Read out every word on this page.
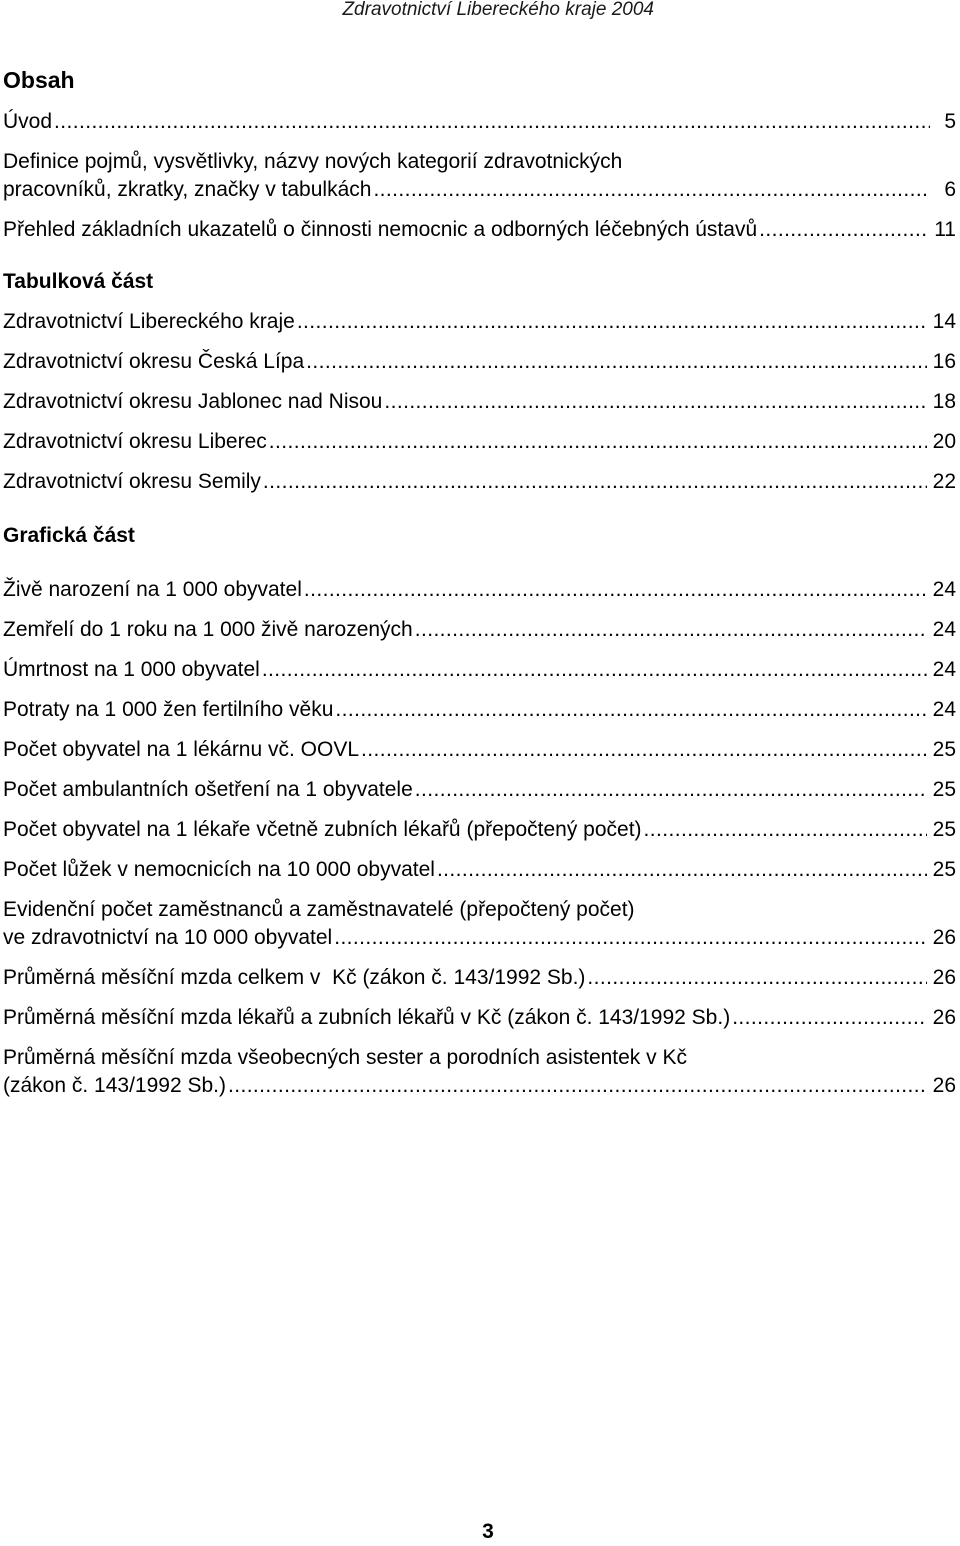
Zdravotnictví Libereckého kraje 2004
Obsah
Úvod .....	5
Definice pojmů, vysvětlivky, názvy nových kategorií zdravotnických
pracovníků, zkratky, značky v tabulkách .....	6
Přehled základních ukazatelů o činnosti nemocnic a odborných léčebných ústavů .....	11
Tabulková část
Zdravotnictví Libereckého kraje .....	14
Zdravotnictví okresu Česká Lípa .....	16
Zdravotnictví okresu Jablonec nad Nisou .....	18
Zdravotnictví okresu Liberec .....	20
Zdravotnictví okresu Semily .....	22
Grafická část
Živě narození na 1 000 obyvatel .....	24
Zemřelí do 1 roku na 1 000 živě narozených .....	24
Úmrtnost na 1 000 obyvatel .....	24
Potraty na 1 000 žen fertilního věku .....	24
Počet obyvatel na 1 lékárnu vč. OOVL .....	25
Počet ambulantních ošetření na 1 obyvatele .....	25
Počet obyvatel na 1 lékaře včetně zubních lékařů (přepočtený počet) .....	25
Počet lůžek v nemocnicích na 10 000 obyvatel .....	25
Evidenční počet zaměstnanců a zaměstnavatelé (přepočtený počet)
ve zdravotnictví na 10 000 obyvatel .....	26
Průměrná měsíční mzda celkem v  Kč (zákon č. 143/1992 Sb.) .....	26
Průměrná měsíční mzda lékařů a zubních lékařů v Kč (zákon č. 143/1992 Sb.) .....	26
Průměrná měsíční mzda všeobecných sester a porodních asistentek v Kč
(zákon č. 143/1992 Sb.) .....	26
3
